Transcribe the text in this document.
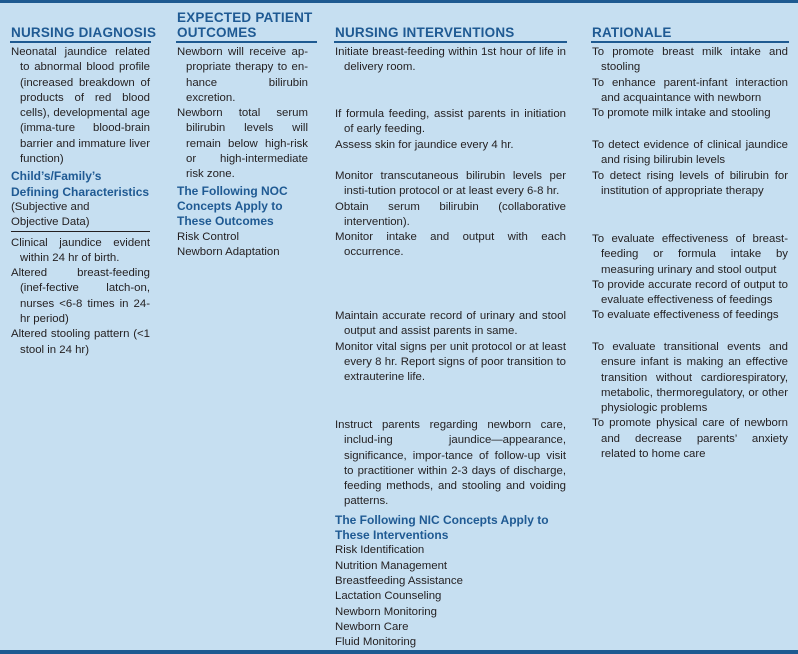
NURSING DIAGNOSIS
EXPECTED PATIENT
OUTCOMES	NURSING INTERVENTIONS	RATIONALE

Neonatal jaundice related to abnormal blood profile (increased breakdown of products of red blood cells), developmental age (imma-ture blood-brain barrier and immature liver function)

Child’s/Family’s Defining Characteristics
(Subjective and
Objective Data)

Clinical jaundice evident within 24 hr of birth.

Altered breast-feeding (inef-fective latch-on, nurses <6-8 times in 24-hr period)

Altered stooling pattern (<1 stool in 24 hr)

Newborn will receive ap-propriate therapy to en-hance bilirubin excretion.

Newborn total serum bilirubin levels will remain below high-risk or high-intermediate risk zone.

The Following NOC Concepts Apply to These Outcomes
Risk Control
Newborn Adaptation

Initiate breast-feeding within 1st hour of life in delivery room.

If formula feeding, assist parents in initiation of early feeding.

Assess skin for jaundice every 4 hr.

Monitor transcutaneous bilirubin levels per insti-tution protocol or at least every 6-8 hr.

Obtain serum bilirubin (collaborative intervention).

Monitor intake and output with each occurrence.

Maintain accurate record of urinary and stool output and assist parents in same.

Monitor vital signs per unit protocol or at least every 8 hr. Report signs of poor transition to extrauterine life.

Instruct parents regarding newborn care, includ-ing jaundice—appearance, significance, impor-tance of follow-up visit to practitioner within 2-3 days of discharge, feeding methods, and stooling and voiding patterns.

The Following NIC Concepts Apply to These Interventions
Risk Identification
Nutrition Management
Breastfeeding Assistance
Lactation Counseling
Newborn Monitoring
Newborn Care
Fluid Monitoring

To promote breast milk intake and stooling

To enhance parent-infant interaction and acquaintance with newborn

To promote milk intake and stooling

To detect evidence of clinical jaundice and rising bilirubin levels

To detect rising levels of bilirubin for institution of appropriate therapy

To evaluate effectiveness of breast-feeding or formula intake by measuring urinary and stool output

To provide accurate record of output to evaluate effectiveness of feedings

To evaluate effectiveness of feedings

To evaluate transitional events and ensure infant is making an effective transition without cardiorespiratory, metabolic, thermoregulatory, or other physiologic problems

To promote physical care of newborn and decrease parents’ anxiety related to home care
